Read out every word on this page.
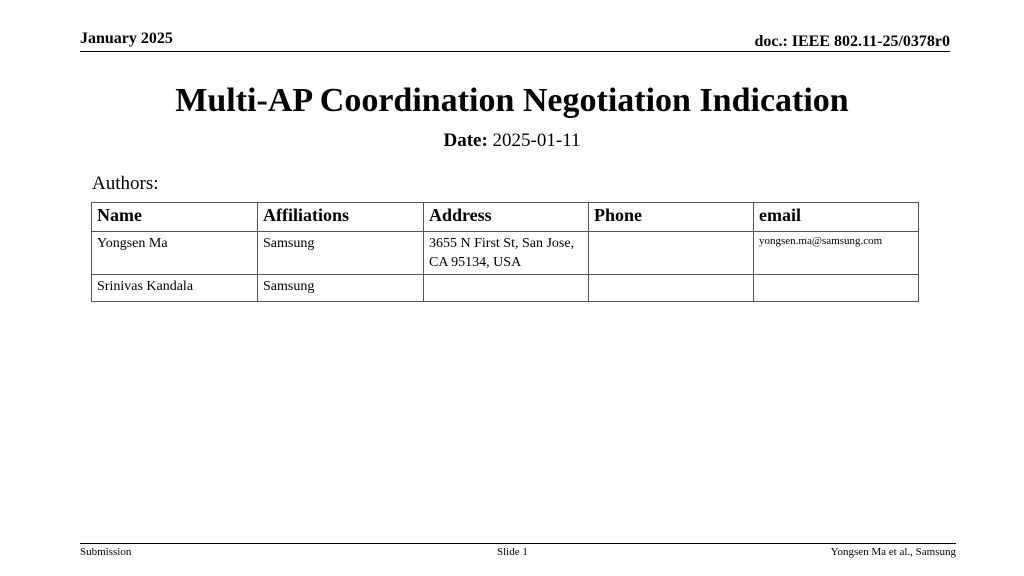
January 2025	doc.: IEEE 802.11-25/0378r0
Multi-AP Coordination Negotiation Indication
Date: 2025-01-11
Authors:
Name	Affiliations	Address	Phone	email
Yongsen Ma	Samsung	3655 N First St, San Jose, CA 95134, USA		yongsen.ma@samsung.com
Srinivas Kandala	Samsung			
Submission	Slide 1	Yongsen Ma et al., Samsung
